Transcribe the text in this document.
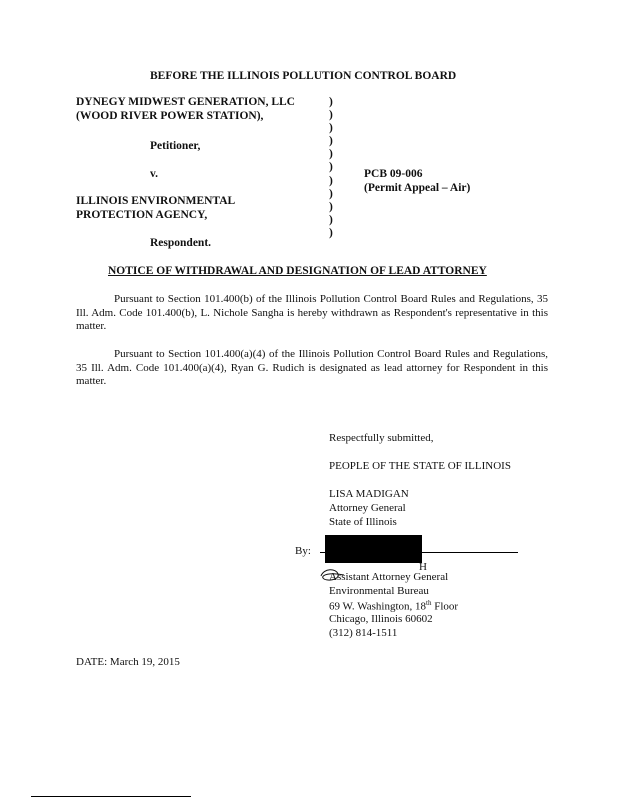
BEFORE THE ILLINOIS POLLUTION CONTROL BOARD
DYNEGY MIDWEST GENERATION, LLC
(WOOD RIVER POWER STATION),
Petitioner,
v.
ILLINOIS ENVIRONMENTAL
PROTECTION AGENCY,
Respondent.
)
)
)
)
)
)
)
)
)
)
)
PCB 09-006
(Permit Appeal – Air)
NOTICE OF WITHDRAWAL AND DESIGNATION OF LEAD ATTORNEY
Pursuant to Section 101.400(b) of the Illinois Pollution Control Board Rules and Regulations, 35 Ill. Adm. Code 101.400(b), L. Nichole Sangha is hereby withdrawn as Respondent's representative in this matter.
Pursuant to Section 101.400(a)(4) of the Illinois Pollution Control Board Rules and Regulations, 35 Ill. Adm. Code 101.400(a)(4), Ryan G. Rudich is designated as lead attorney for Respondent in this matter.
Respectfully submitted,
PEOPLE OF THE STATE OF ILLINOIS
LISA MADIGAN
Attorney General
State of Illinois
By:
H
Assistant Attorney General
Environmental Bureau
69 W. Washington, 18th Floor
Chicago, Illinois 60602
(312) 814-1511
DATE: March 19, 2015
